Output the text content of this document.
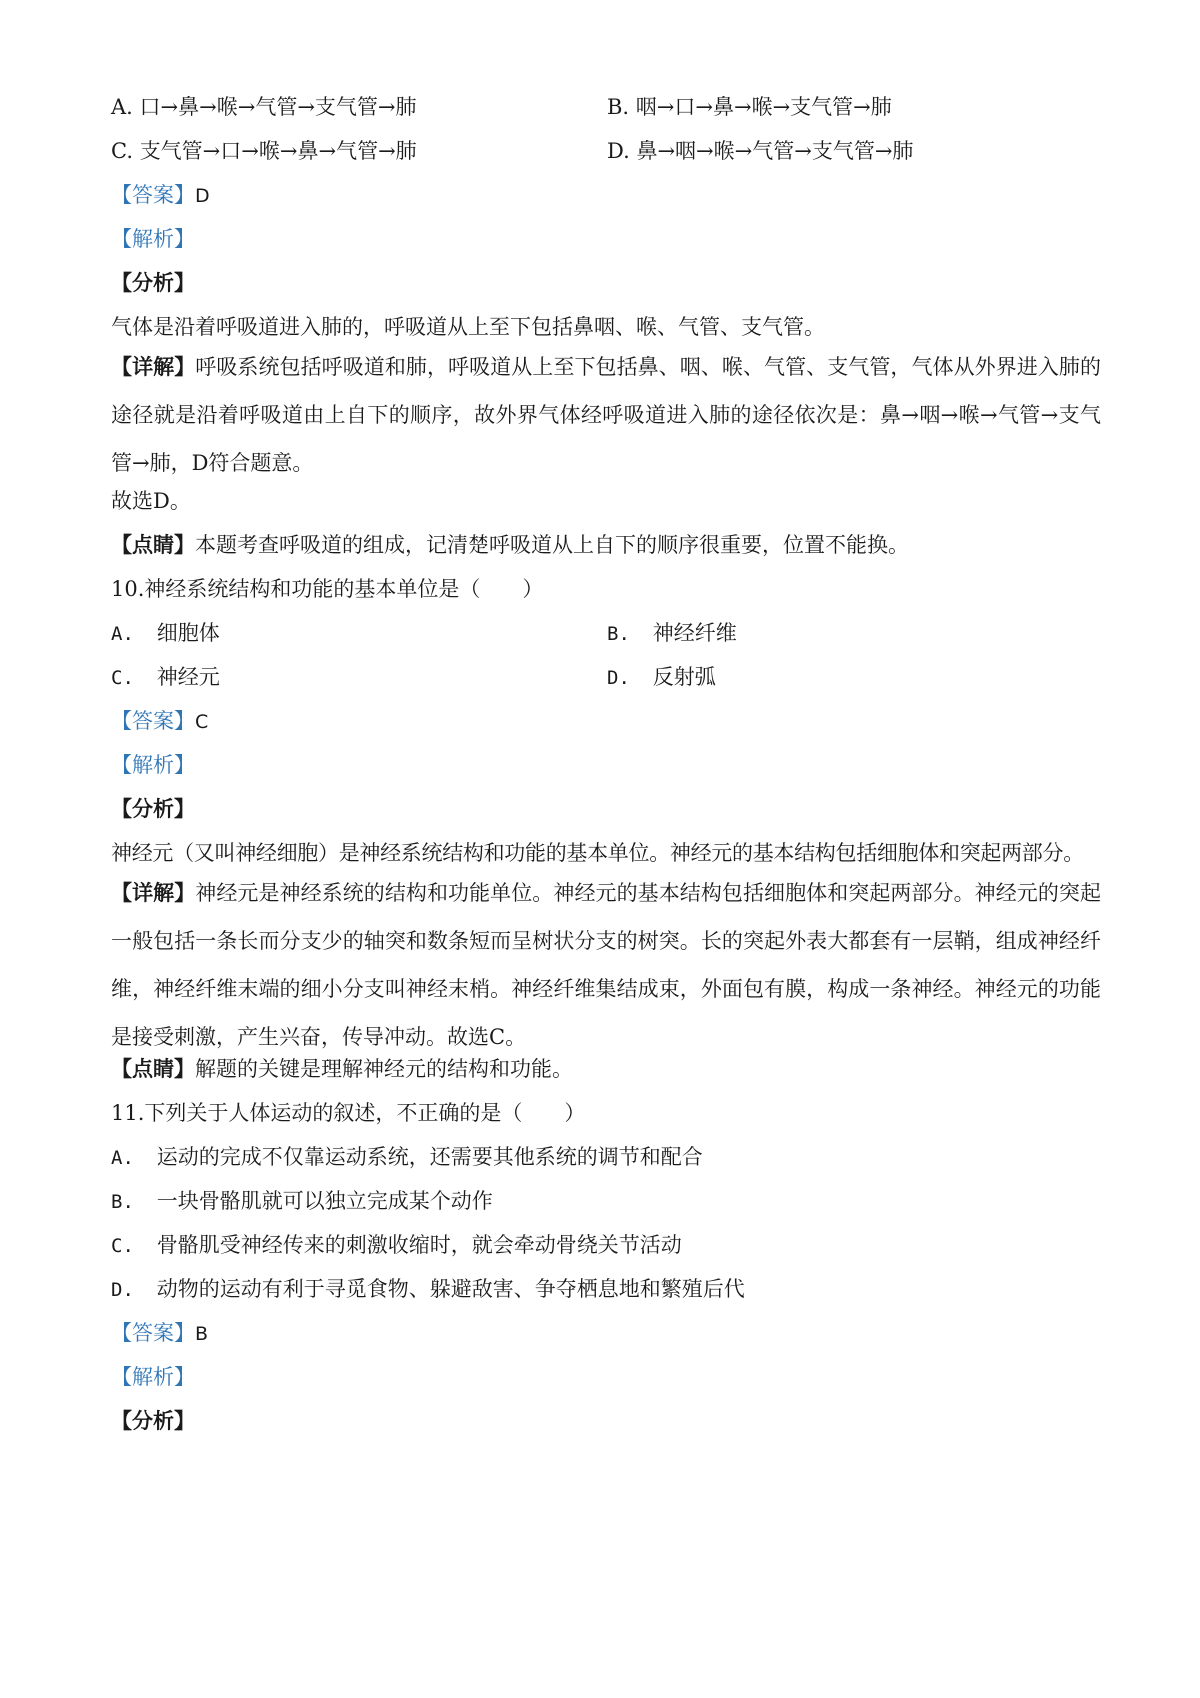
A. 口→鼻→喉→气管→支气管→肺	B. 咽→口→鼻→喉→支气管→肺
C. 支气管→口→喉→鼻→气管→肺	D. 鼻→咽→喉→气管→支气管→肺
【答案】D
【解析】
【分析】
气体是沿着呼吸道进入肺的，呼吸道从上至下包括鼻咽、喉、气管、支气管。
【详解】呼吸系统包括呼吸道和肺，呼吸道从上至下包括鼻、咽、喉、气管、支气管，气体从外界进入肺的途径就是沿着呼吸道由上自下的顺序，故外界气体经呼吸道进入肺的途径依次是：鼻→咽→喉→气管→支气管→肺，D符合题意。
故选D。
【点睛】本题考查呼吸道的组成，记清楚呼吸道从上自下的顺序很重要，位置不能换。
10.神经系统结构和功能的基本单位是（　　）
A. 细胞体	B. 神经纤维
C. 神经元	D. 反射弧
【答案】C
【解析】
【分析】
神经元（又叫神经细胞）是神经系统结构和功能的基本单位。神经元的基本结构包括细胞体和突起两部分。
【详解】神经元是神经系统的结构和功能单位。神经元的基本结构包括细胞体和突起两部分。神经元的突起一般包括一条长而分支少的轴突和数条短而呈树状分支的树突。长的突起外表大都套有一层鞘，组成神经纤维，神经纤维末端的细小分支叫神经末梢。神经纤维集结成束，外面包有膜，构成一条神经。神经元的功能是接受刺激，产生兴奋，传导冲动。故选C。
【点睛】解题的关键是理解神经元的结构和功能。
11.下列关于人体运动的叙述，不正确的是（　　）
A. 运动的完成不仅靠运动系统，还需要其他系统的调节和配合
B. 一块骨骼肌就可以独立完成某个动作
C. 骨骼肌受神经传来的刺激收缩时，就会牵动骨绕关节活动
D. 动物的运动有利于寻觅食物、躲避敌害、争夺栖息地和繁殖后代
【答案】B
【解析】
【分析】
